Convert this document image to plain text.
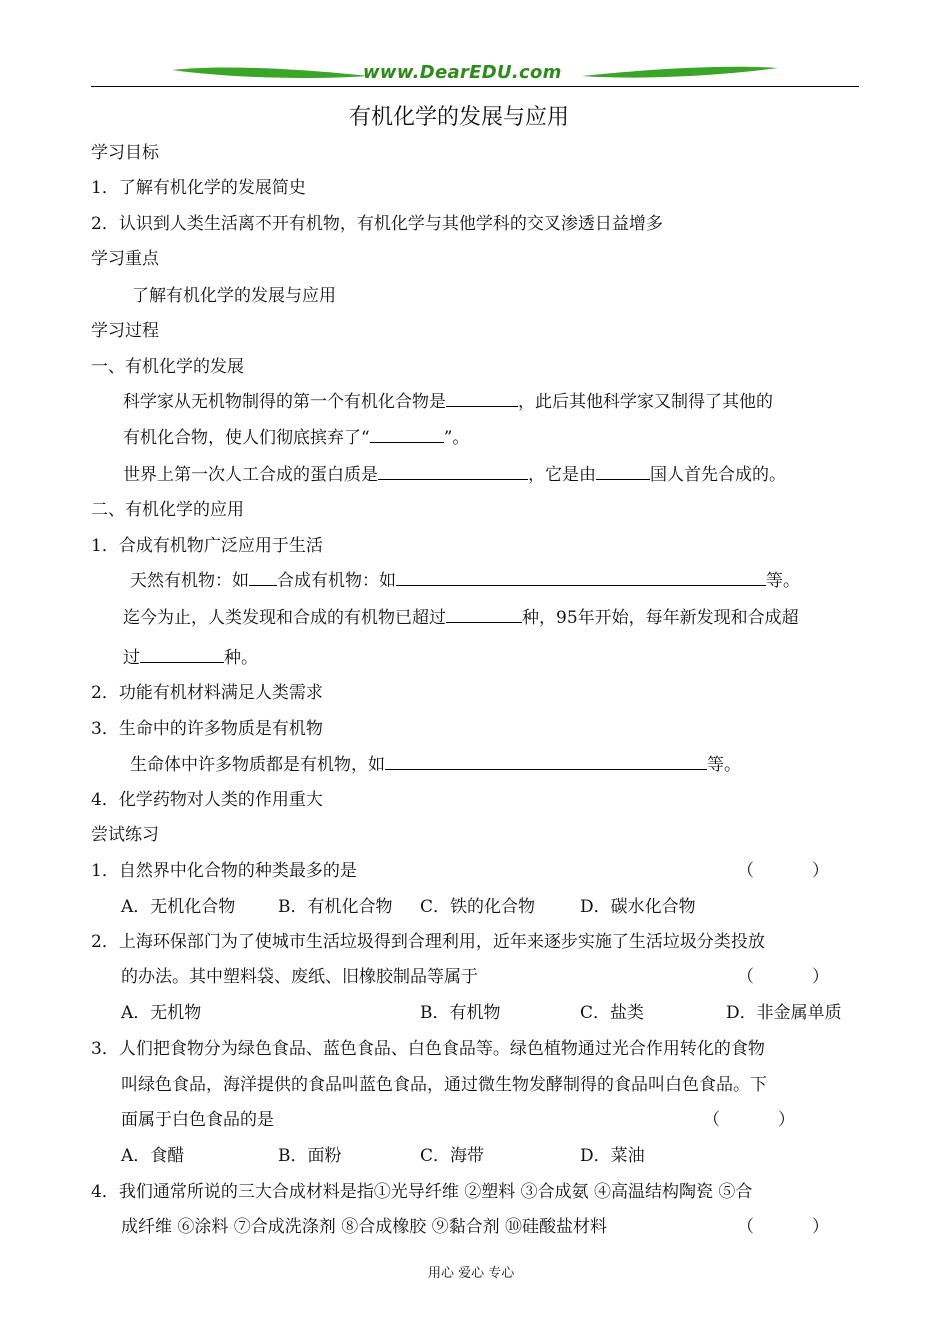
www.DearEDU.com
有机化学的发展与应用
学习目标
1．了解有机化学的发展简史
2．认识到人类生活离不开有机物，有机化学与其他学科的交叉渗透日益增多
学习重点
了解有机化学的发展与应用
学习过程
一、有机化学的发展
科学家从无机物制得的第一个有机化合物是	，此后其他科学家又制得了其他的
有机化合物，使人们彻底摈弃了“	”。
世界上第一次人工合成的蛋白质是	，它是由	国人首先合成的。
二、有机化学的应用
1．合成有机物广泛应用于生活
天然有机物：如 合成有机物：如	等。
迄今为止，人类发现和合成的有机物已超过	种，95年开始，每年新发现和合成超
过	种。
2．功能有机材料满足人类需求
3．生命中的许多物质是有机物
生命体中许多物质都是有机物，如	等。
4．化学药物对人类的作用重大
尝试练习
1．自然界中化合物的种类最多的是	（	）
A．无机化合物	B．有机化合物 C．铁的化合物	D．碳水化合物
2．上海环保部门为了使城市生活垃圾得到合理利用，近年来逐步实施了生活垃圾分类投放
的办法。其中塑料袋、废纸、旧橡胶制品等属于	（	）
A．无机物	B．有机物	C．盐类	D．非金属单质
3．人们把食物分为绿色食品、蓝色食品、白色食品等。绿色植物通过光合作用转化的食物
叫绿色食品，海洋提供的食品叫蓝色食品，通过微生物发酵制得的食品叫白色食品。下
面属于白色食品的是	（	）
A．食醋	B．面粉	C．海带	D．菜油
4．我们通常所说的三大合成材料是指①光导纤维 ②塑料 ③合成氨 ④高温结构陶瓷 ⑤合
成纤维 ⑥涂料 ⑦合成洗涤剂 ⑧合成橡胶 ⑨黏合剂 ⑩硅酸盐材料	（	）
用心 爱心 专心
